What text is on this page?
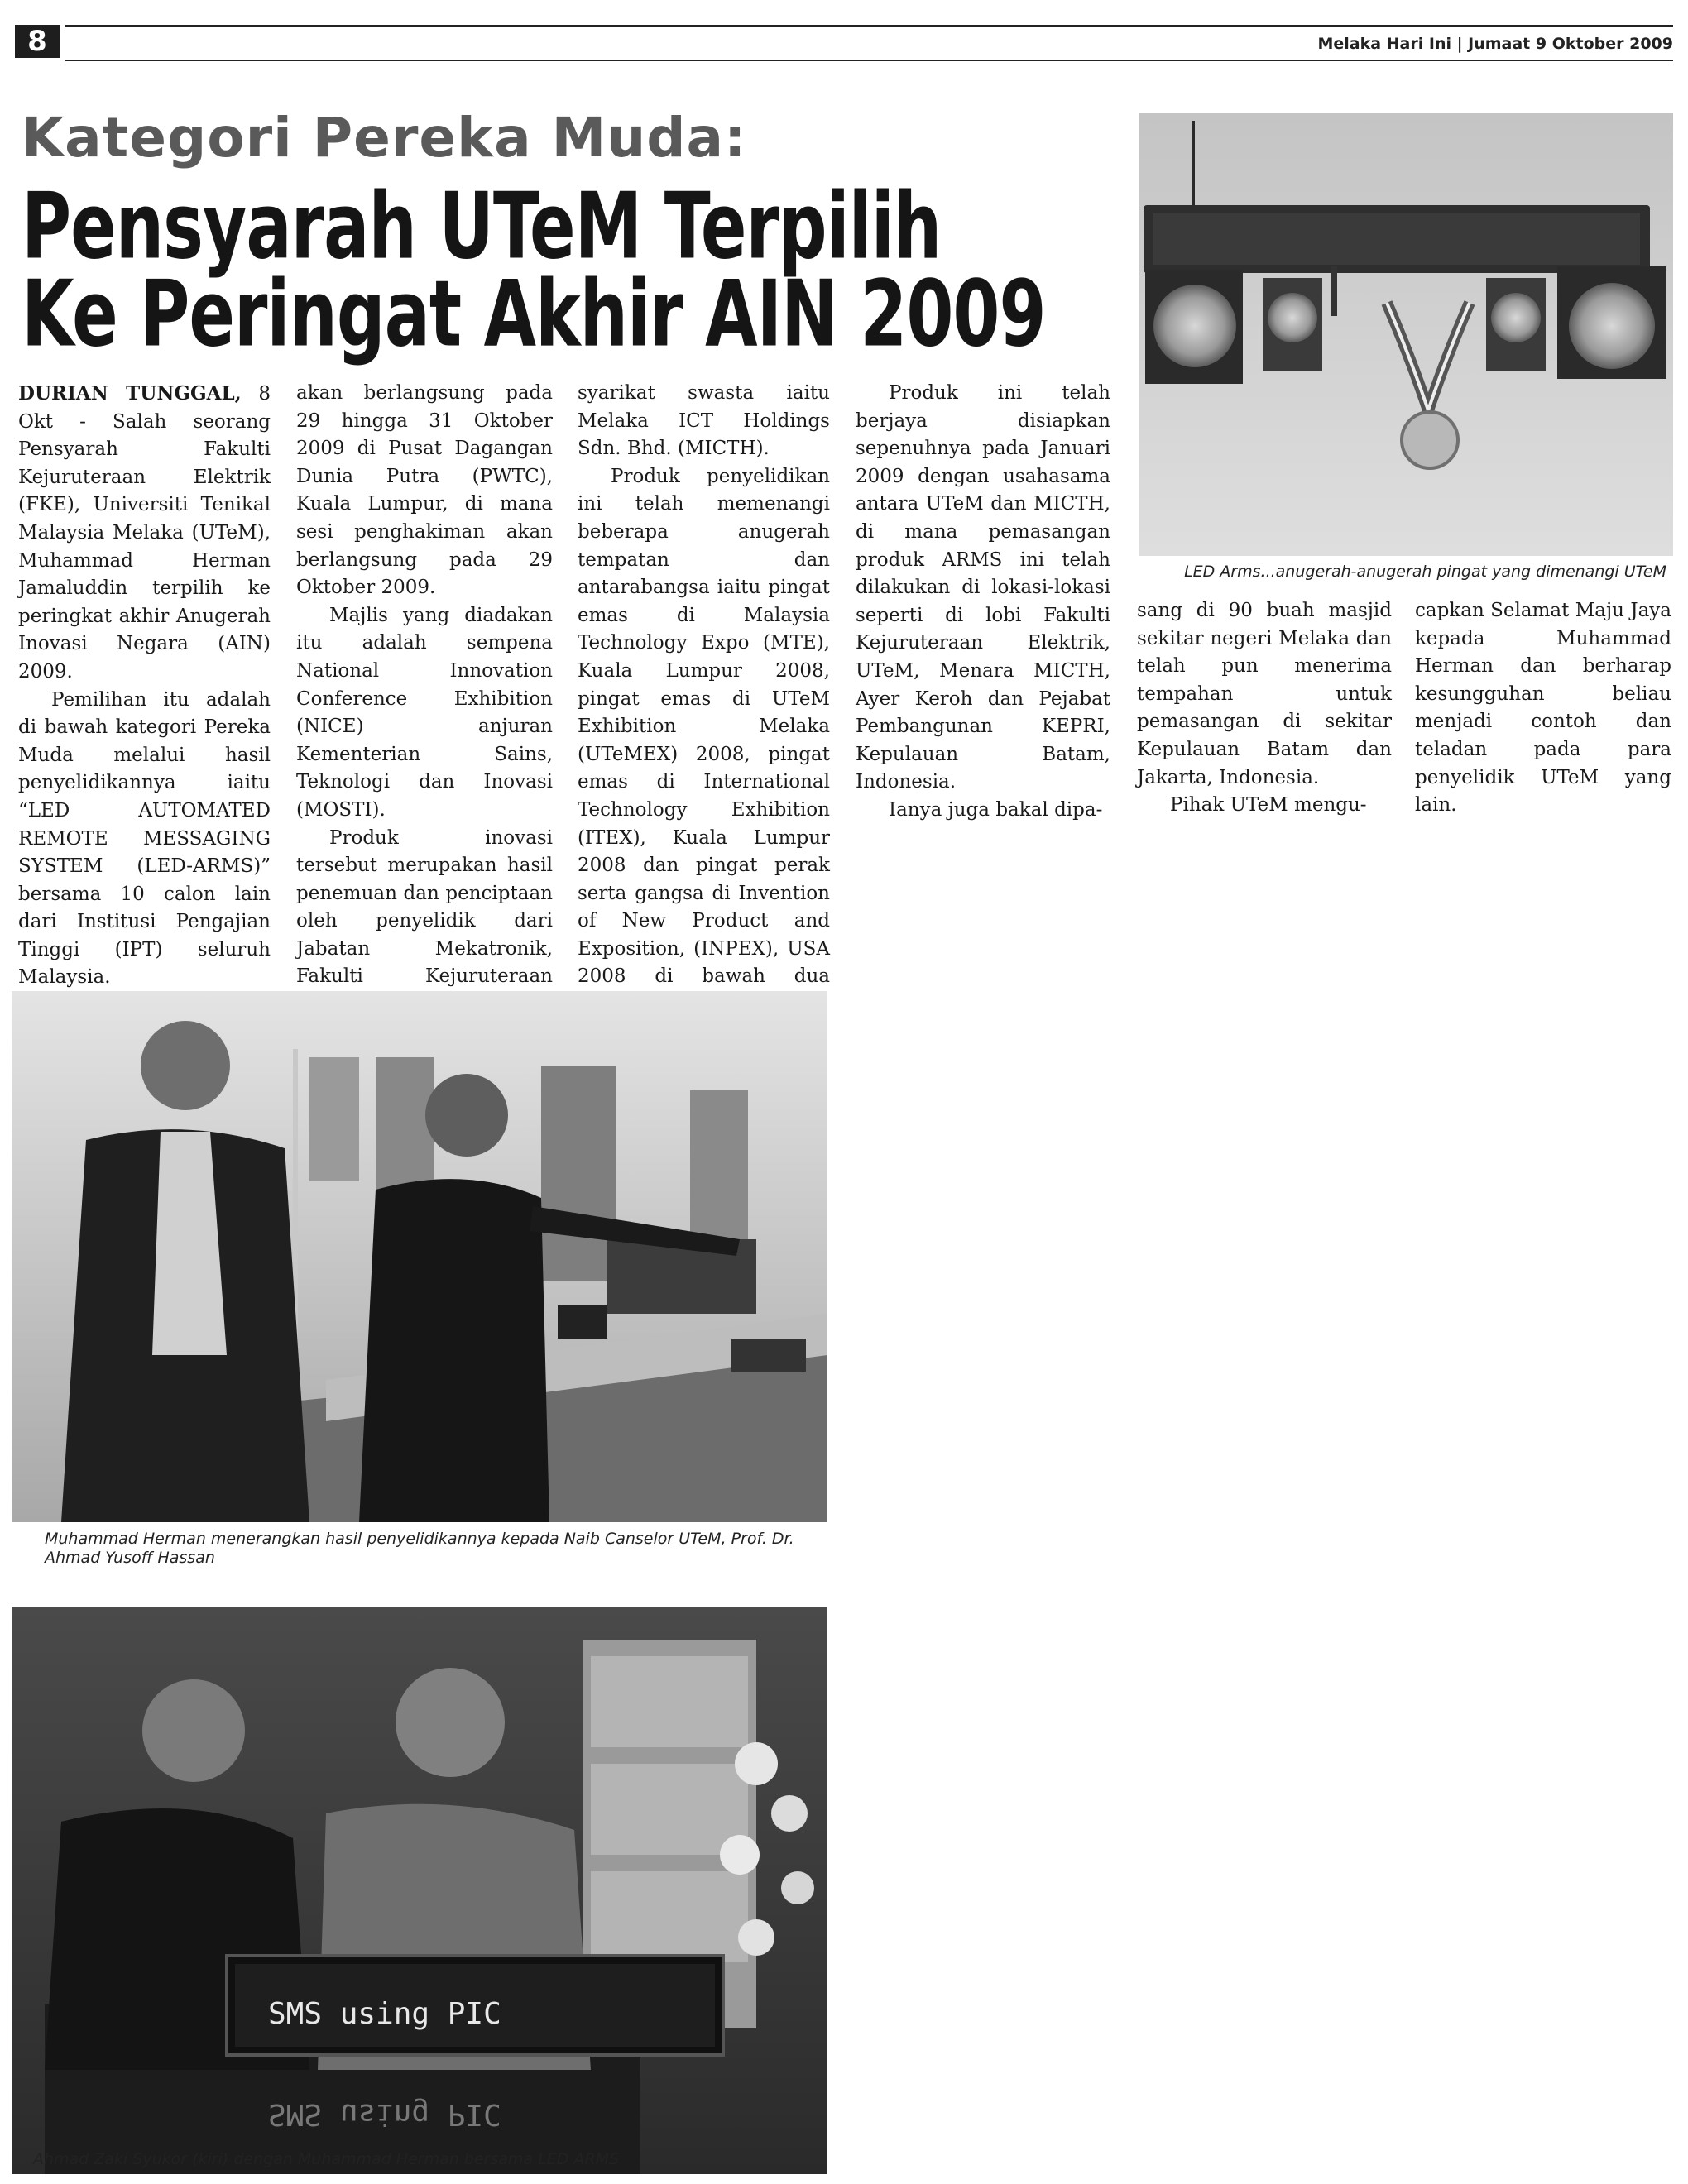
8	Melaka Hari Ini | Jumaat 9 Oktober 2009
Kategori Pereka Muda:
Pensyarah UTeM Terpilih
Ke Peringat Akhir AIN 2009

DURIAN TUNGGAL, 8 Okt - Salah seorang Pensyarah Fakulti Kejuruteraan Elektrik (FKE), Universiti Tenikal Malaysia Melaka (UTeM), Muhammad Herman Jamaluddin terpilih ke peringkat akhir Anugerah Inovasi Negara (AIN) 2009.

Pemilihan itu adalah di bawah kategori Pereka Muda melalui hasil penyelidikannya iaitu “LED AUTOMATED REMOTE MESSAGING SYSTEM (LED-ARMS)” bersama 10 calon lain dari Institusi Pengajian Tinggi (IPT) seluruh Malaysia.

akan berlangsung pada 29 hingga 31 Oktober 2009 di Pusat Dagangan Dunia Putra (PWTC), Kuala Lumpur, di mana sesi penghakiman akan berlangsung pada 29 Oktober 2009.

Majlis yang diadakan itu adalah sempena National Innovation Conference Exhibition (NICE) anjuran Kementerian Sains, Teknologi dan Inovasi (MOSTI).

Produk inovasi tersebut merupakan hasil penemuan dan penciptaan oleh penyelidik dari Jabatan Mekatronik, Fakulti Kejuruteraan

syarikat swasta iaitu Melaka ICT Holdings Sdn. Bhd. (MICTH).

Produk penyelidikan ini telah memenangi beberapa anugerah tempatan dan antarabangsa iaitu pingat emas di Malaysia Technology Expo (MTE), Kuala Lumpur 2008, pingat emas di UTeM Exhibition Melaka (UTeMEX) 2008, pingat emas di International Technology Exhibition (ITEX), Kuala Lumpur 2008 dan pingat perak serta gangsa di Invention of New Product and Exposition, (INPEX), USA 2008 di bawah dua

Produk ini telah berjaya disiapkan sepenuhnya pada Januari 2009 dengan usahasama antara UTeM dan MICTH, di mana pemasangan produk ARMS ini telah dilakukan di lokasi-lokasi seperti di lobi Fakulti Kejuruteraan Elektrik, UTeM, Menara MICTH, Ayer Keroh dan Pejabat Pembangunan KEPRI, Kepulauan Batam, Indonesia.

Ianya juga bakal dipa-

sang di 90 buah masjid sekitar negeri Melaka dan telah pun menerima tempahan untuk pemasangan di sekitar Kepulauan Batam dan Jakarta, Indonesia.

Pihak UTeM mengu-

capkan Selamat Maju Jaya kepada Muhammad Herman dan berharap kesungguhan beliau menjadi contoh dan teladan pada para penyelidik UTeM yang lain.

LED Arms...anugerah-anugerah pingat yang dimenangi UTeM
Muhammad Herman menerangkan hasil penyelidikannya kepada Naib Canselor UTeM, Prof. Dr. Ahmad Yusoff Hassan
SMS using PIC
SMS using PIC
Ahmad Zaki Syukor (kiri) dengan Muhammad Herman bersama LED ARMS
